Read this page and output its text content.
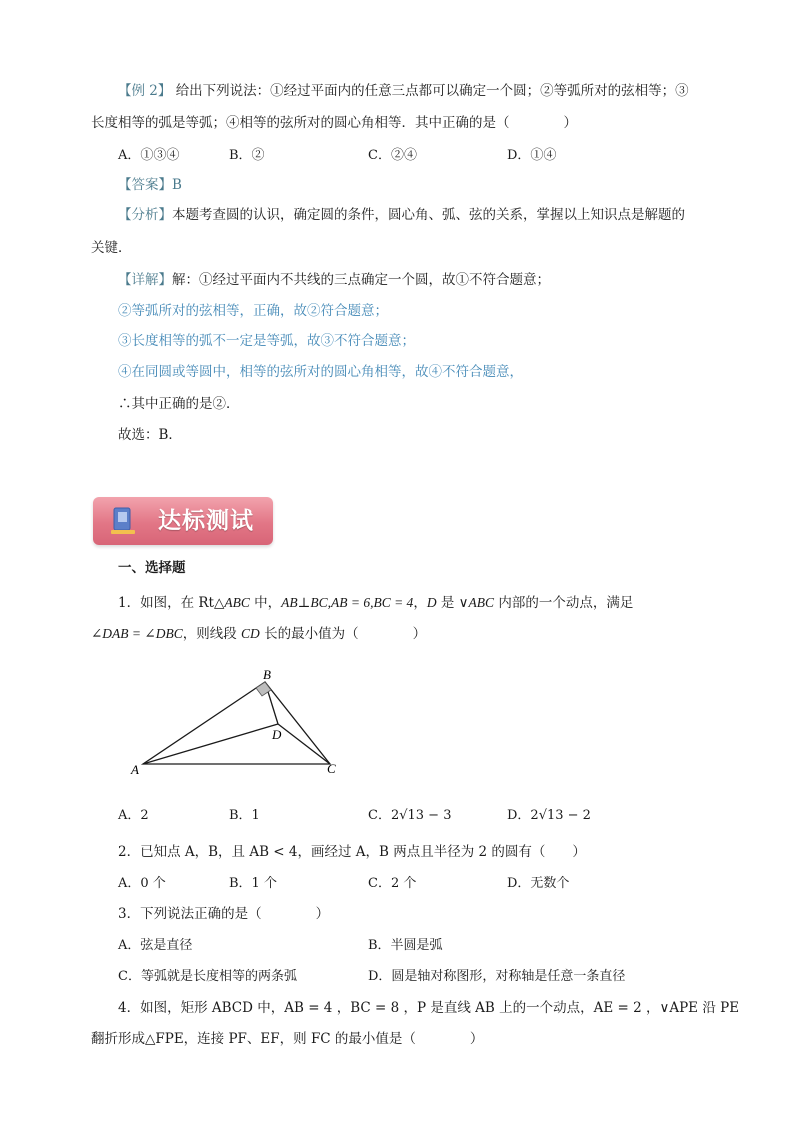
【例 2】 给出下列说法：①经过平面内的任意三点都可以确定一个圆；②等弧所对的弦相等；③
长度相等的弧是等弧；④相等的弦所对的圆心角相等．其中正确的是（　　　　）
A．①③④	B．②	C．②④	D．①④
【答案】B
【分析】本题考查圆的认识，确定圆的条件，圆心角、弧、弦的关系，掌握以上知识点是解题的
关键．
【详解】解：①经过平面内不共线的三点确定一个圆，故①不符合题意；
②等弧所对的弦相等，正确，故②符合题意；
③长度相等的弧不一定是等弧，故③不符合题意；
④在同圆或等圆中，相等的弦所对的圆心角相等，故④不符合题意，
∴其中正确的是②．
故选：B．
达标测试
一、选择题
1．如图，在 Rt△ABC 中，AB⊥BC,AB = 6,BC = 4，D 是 ∨ABC 内部的一个动点，满足
∠DAB = ∠DBC，则线段 CD 长的最小值为（　　　　）
B
D
A	C
A．2	B．1	C．2√13 − 3	D．2√13 − 2
2．已知点 A，B，且 AB < 4，画经过 A，B 两点且半径为 2 的圆有（　　）
A．0 个	B．1 个	C．2 个	D．无数个
3．下列说法正确的是（　　　　）
A．弦是直径	B．半圆是弧
C．等弧就是长度相等的两条弧	D．圆是轴对称图形，对称轴是任意一条直径
4．如图，矩形 ABCD 中，AB = 4 ，BC = 8 ，P 是直线 AB 上的一个动点，AE = 2 ，∨APE 沿 PE
翻折形成△FPE，连接 PF、EF，则 FC 的最小值是（　　　　）
